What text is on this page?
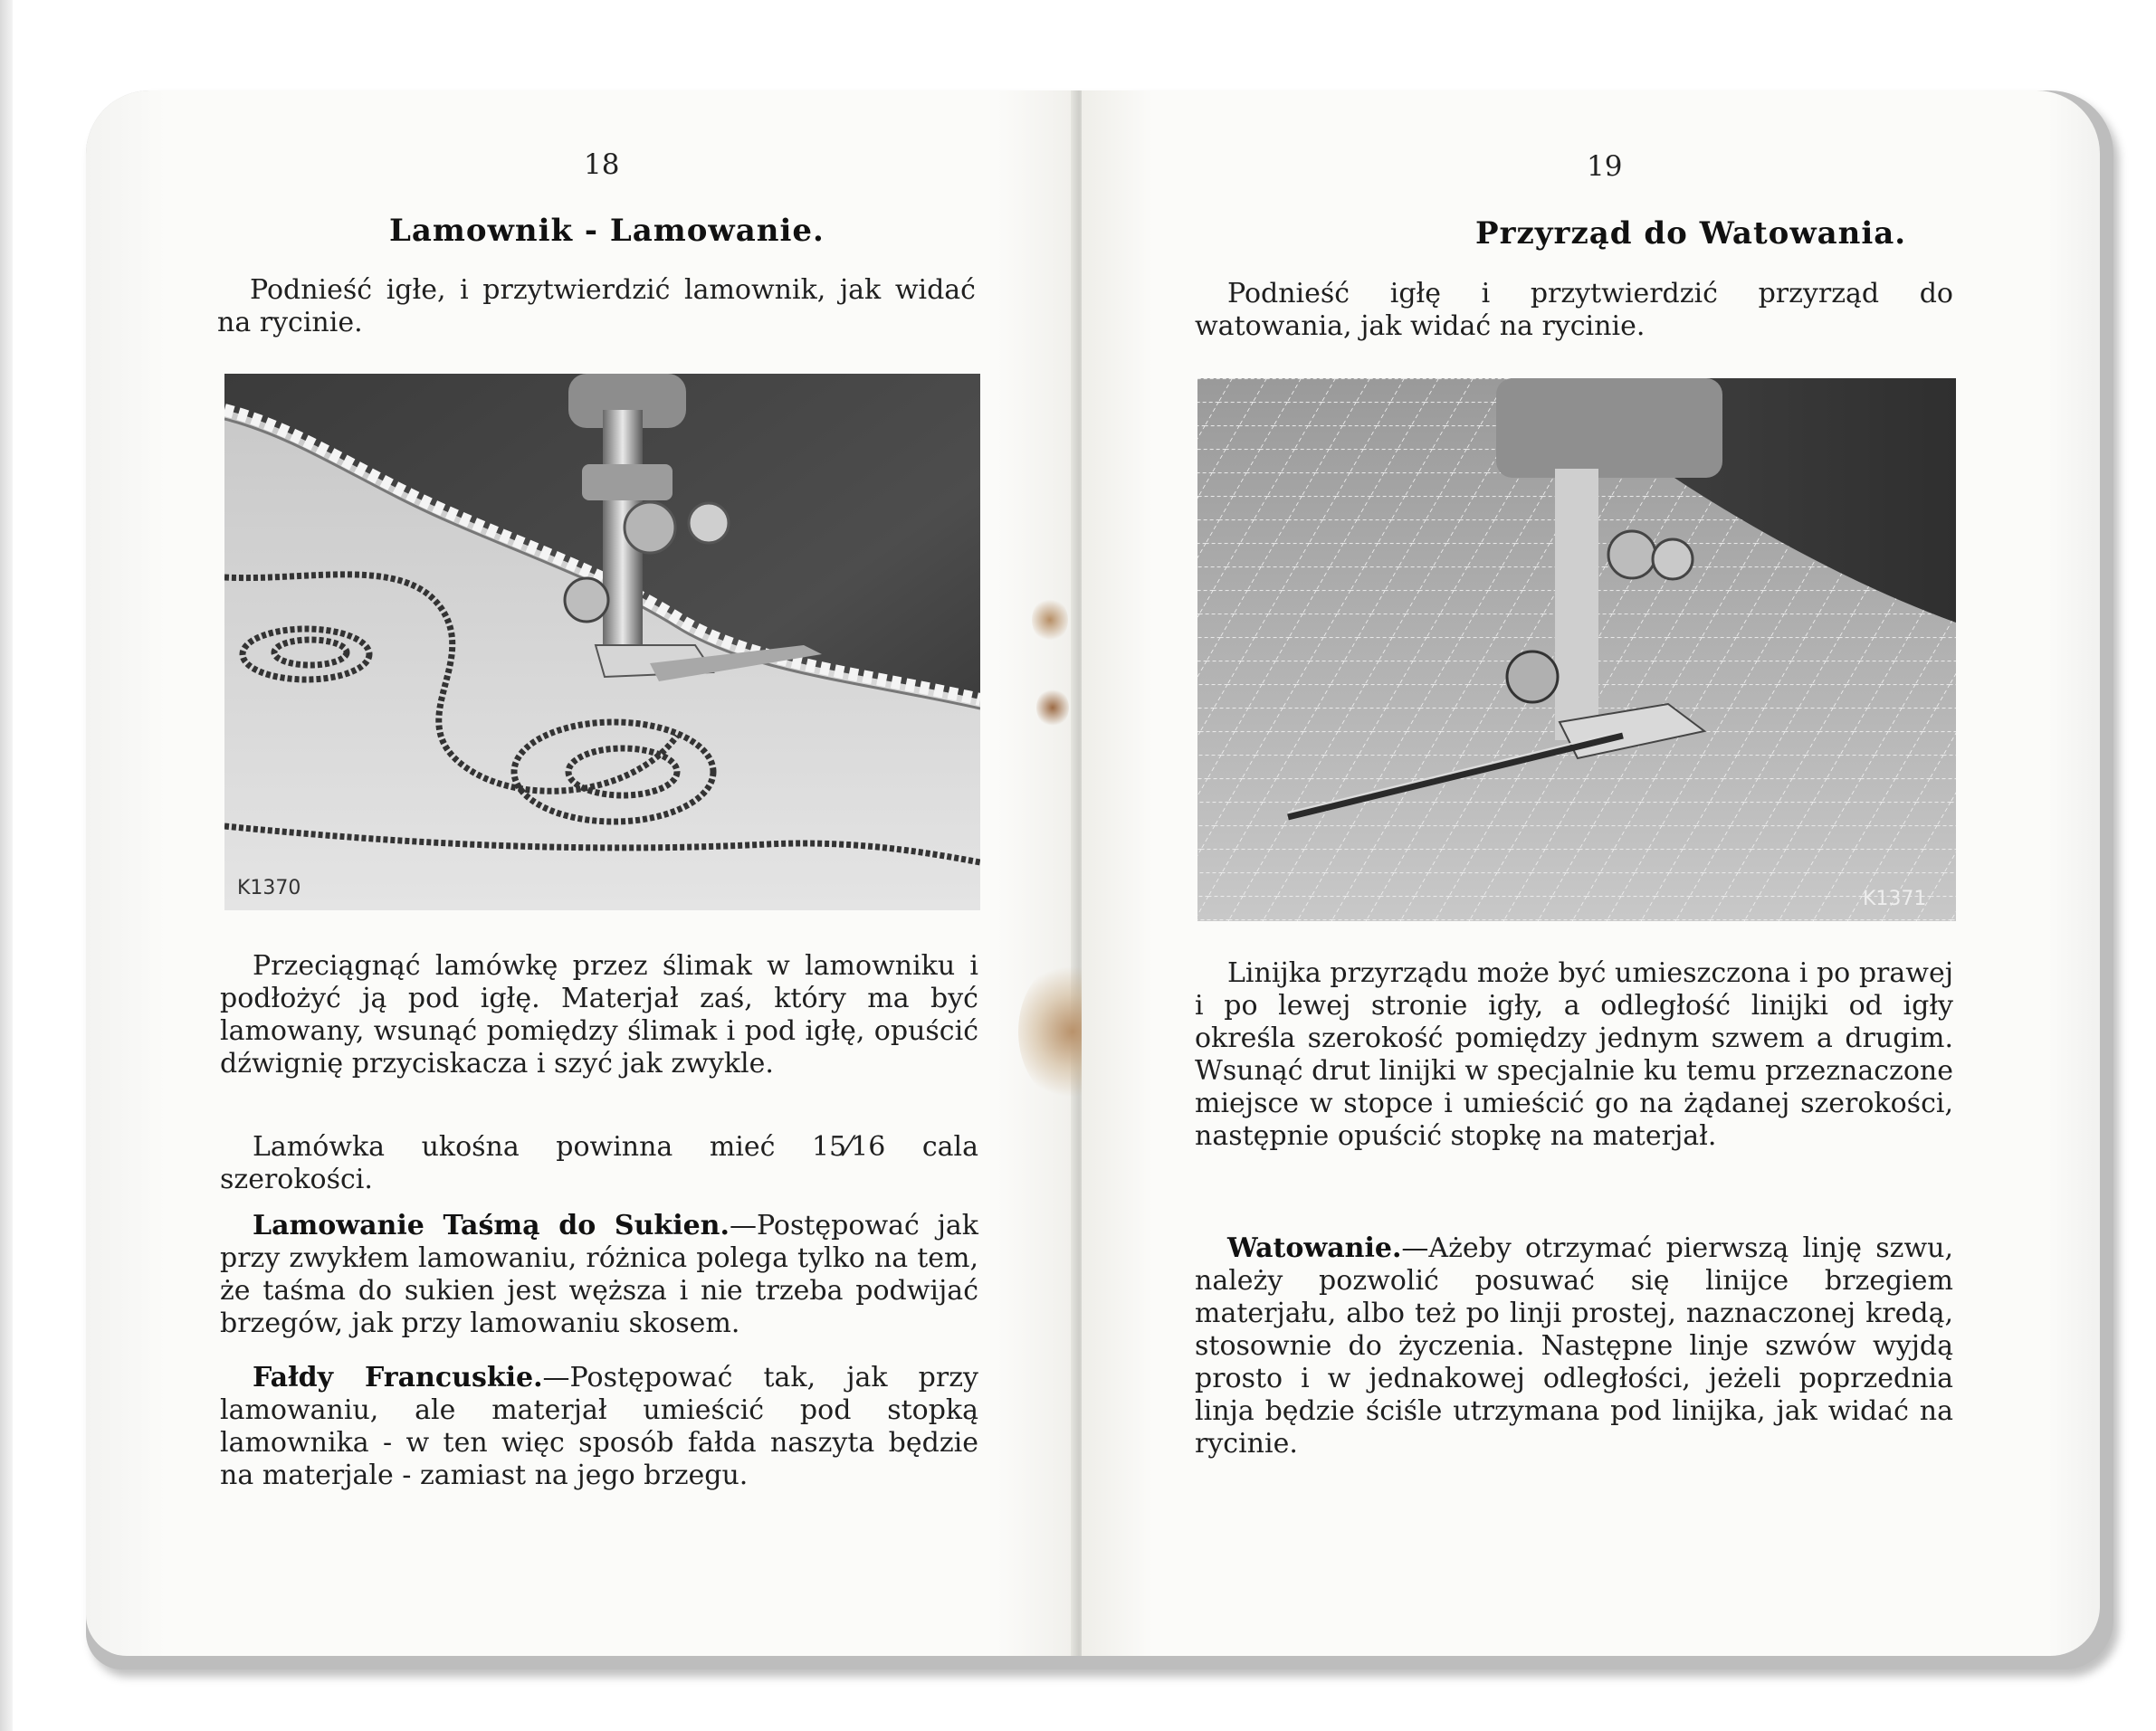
18
Lamownik - Lamowanie.
Podnieść igłe, i przytwierdzić lamownik, jak widać na rycinie.
K1370
Przeciągnąć lamówkę przez ślimak w lamowniku i podłożyć ją pod igłę. Materjał zaś, który ma być lamowany, wsunąć pomiędzy ślimak i pod igłę, opuścić dźwignię przyciskacza i szyć jak zwykle.
Lamówka ukośna powinna mieć 15⁄16 cala szerokości.
Lamowanie Taśmą do Sukien.—Postępować jak przy zwykłem lamowaniu, różnica polega tylko na tem, że taśma do sukien jest węższa i nie trzeba podwijać brzegów, jak przy lamowaniu skosem.
Fałdy Francuskie.—Postępować tak, jak przy lamowaniu, ale materjał umieścić pod stopką lamownika - w ten więc sposób fałda naszyta będzie na materjale - zamiast na jego brzegu.
19
Przyrząd do Watowania.
Podnieść igłę i przytwierdzić przyrząd do watowania, jak widać na rycinie.
K1371
Linijka przyrządu może być umieszczona i po prawej i po lewej stronie igły, a odległość linijki od igły określa szerokość pomiędzy jednym szwem a drugim. Wsunąć drut linijki w specjalnie ku temu przeznaczone miejsce w stopce i umieścić go na żądanej szerokości, następnie opuścić stopkę na materjał.
Watowanie.—Ażeby otrzymać pierwszą linję szwu, należy pozwolić posuwać się linijce brzegiem materjału, albo też po linji prostej, naznaczonej kredą, stosownie do życzenia. Następne linje szwów wyjdą prosto i w jednakowej odległości, jeżeli poprzednia linja będzie ściśle utrzymana pod linijka, jak widać na rycinie.
